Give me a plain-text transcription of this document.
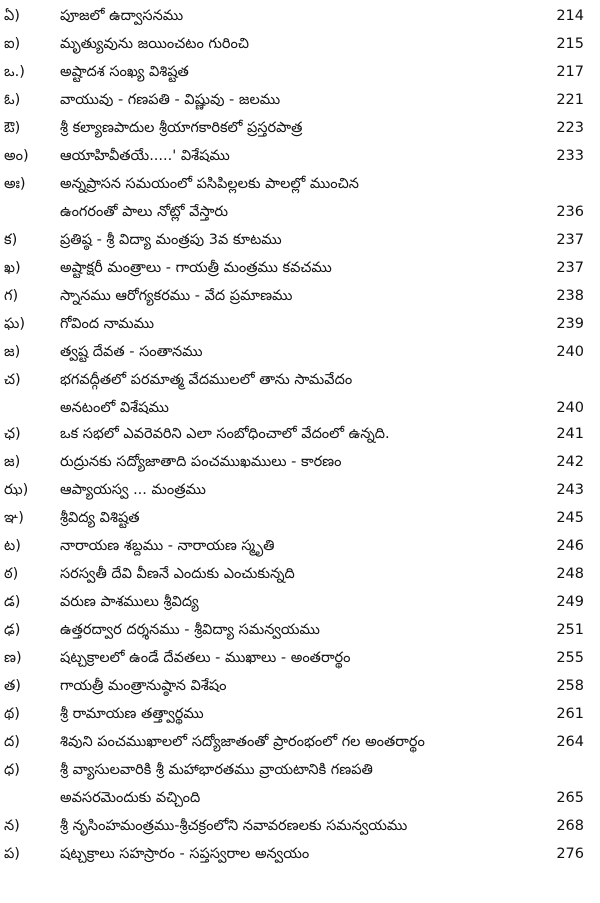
ఏ)	పూజలో ఉద్వాసనము	214
ఐ)	మృత్యువును జయించటం గురించి	215
ఒ.) అష్టాదశ సంఖ్య విశిష్టత	217
ఓ)	వాయువు - గణపతి - విష్ణువు - జలము	221
ఔ)	శ్రీ కల్యాణపాదుల శ్రీయాగకారికలో ప్రస్తరపాత్ర	223
అం) ఆయాహివీతయే.....' విశేషము	233
అః) అన్నప్రాసన సమయంలో పసిపిల్లలకు పాలల్లో ముంచిన
ఉంగరంతో పాలు నోట్లో వేస్తారు	236
క)	ప్రతిష్ఠ - శ్రీ విద్యా మంత్రపు 3వ కూటము	237
ఖ)	అష్టాక్షరీ మంత్రాలు - గాయత్రీ మంత్రము కవచము	237
గ)	స్నానము ఆరోగ్యకరము - వేద ప్రమాణము	238
ఘ) గోవింద నామము	239
జ)	త్వష్ట దేవత - సంతానము	240
చ)	భగవద్గీతలో పరమాత్మ వేదములలో తాను సామవేదం
అనటంలో విశేషము	240
ఛ)	ఒక సభలో ఎవరెవరిని ఎలా సంబోధించాలో వేదంలో ఉన్నది.	241
జ)	రుద్రునకు సద్యోజాతాది పంచముఖములు - కారణం	242
ఝ) ఆప్యాయస్వ ... మంత్రము	243
ఞ) శ్రీవిద్య విశిష్టత	245
ట)	నారాయణ శబ్దము - నారాయణ స్మృతి	246
ఠ)	సరస్వతీ దేవి వీణనే ఎందుకు ఎంచుకున్నది	248
డ)	వరుణ పాశములు శ్రీవిద్య	249
ఢ)	ఉత్తరద్వార దర్శనము - శ్రీవిద్యా సమన్వయము	251
ణ)	షట్చక్రాలలో ఉండే దేవతలు - ముఖాలు - అంతరార్థం	255
త)	గాయత్రీ మంత్రానుష్ఠాన విశేషం	258
థ)	శ్రీ రామాయణ తత్త్వార్థము	261
ద)	శివుని పంచముఖాలలో సద్యోజాతంతో ప్రారంభంలో గల అంతరార్థం	264
ధ)	శ్రీ వ్యాసులవారికి శ్రీ మహాభారతము వ్రాయటానికి గణపతి
అవసరమెందుకు వచ్చింది	265
న)	శ్రీ నృసింహమంత్రము-శ్రీచక్రంలోని నవావరణలకు సమన్వయము	268
ప)	షట్చక్రాలు సహస్రారం - సప్తస్వరాల అన్వయం	276
